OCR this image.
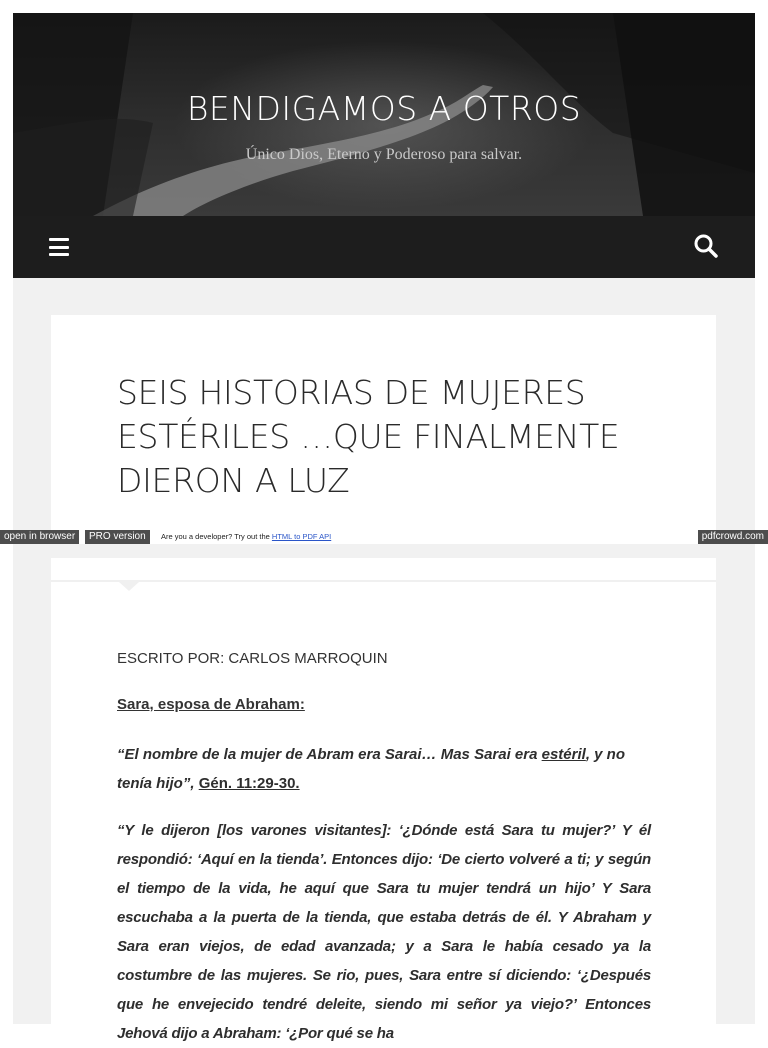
BENDIGAMOS A OTROS
Único Dios, Eterno y Poderoso para salvar.
SEIS HISTORIAS DE MUJERES ESTÉRILES …QUE FINALMENTE DIERON A LUZ
open in browser	PRO version	Are you a developer? Try out the HTML to PDF API	pdfcrowd.com

ESCRITO POR: CARLOS MARROQUIN

Sara, esposa de Abraham:

“El nombre de la mujer de Abram era Sarai… Mas Sarai era estéril, y no tenía hijo”, Gén. 11:29-30.

“Y le dijeron [los varones visitantes]: ‘¿Dónde está Sara tu mujer?’ Y él respondió: ‘Aquí en la tienda’. Entonces dijo: ‘De cierto volveré a ti; y según el tiempo de la vida, he aquí que Sara tu mujer tendrá un hijo’ Y Sara escuchaba a la puerta de la tienda, que estaba detrás de él. Y Abraham y Sara eran viejos, de edad avanzada; y a Sara le había cesado ya la costumbre de las mujeres. Se rio, pues, Sara entre sí diciendo: ‘¿Después que he envejecido tendré deleite, siendo mi señor ya viejo?’ Entonces Jehová dijo a Abraham: ‘¿Por qué se ha
